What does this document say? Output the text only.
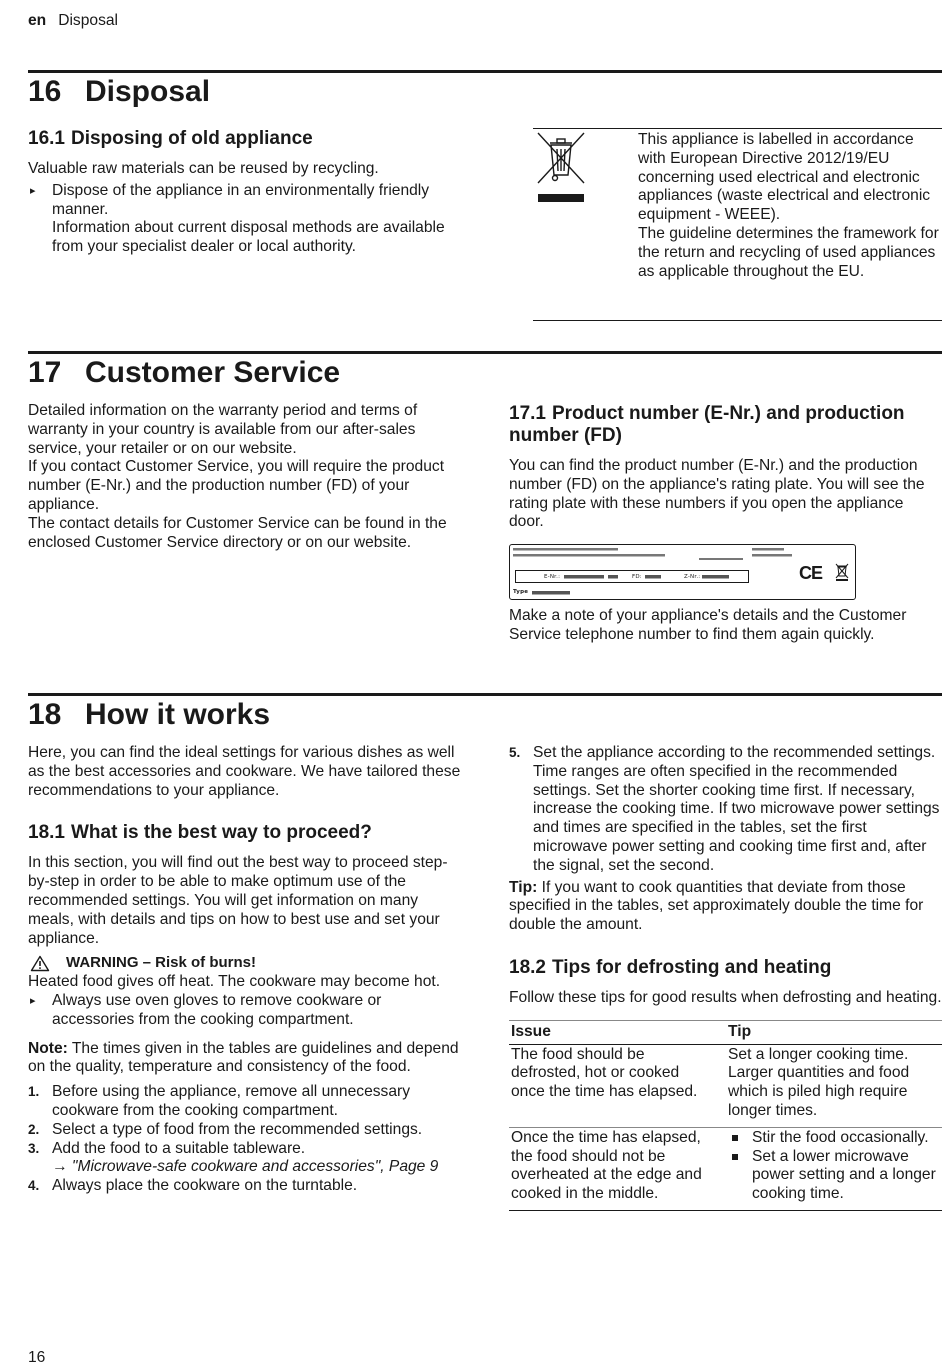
en Disposal
16 Disposal
16.1 Disposing of old appliance

Valuable raw materials can be reused by recycling.

▸ Dispose of the appliance in an environmentally friendly manner.

Information about current disposal methods are available from your specialist dealer or local authority.

This appliance is labelled in accordance with European Directive 2012/19/EU concerning used electrical and electronic appliances (waste electrical and electronic equipment - WEEE).

The guideline determines the framework for the return and recycling of used appliances as applicable throughout the EU.

17 Customer Service

Detailed information on the warranty period and terms of warranty in your country is available from our after-sales service, your retailer or on our website.

If you contact Customer Service, you will require the product number (E-Nr.) and the production number (FD) of your appliance.

The contact details for Customer Service can be found in the enclosed Customer Service directory or on our website.

17.1 Product number (E-Nr.) and production number (FD)

You can find the product number (E-Nr.) and the production number (FD) on the appliance's rating plate. You will see the rating plate with these numbers if you open the appliance door.

E-Nr.:	FD:	Z-Nr.:
Type
CE

Make a note of your appliance's details and the Customer Service telephone number to find them again quickly.

18 How it works

Here, you can find the ideal settings for various dishes as well as the best accessories and cookware. We have tailored these recommendations to your appliance.

18.1 What is the best way to proceed?

In this section, you will find out the best way to proceed step-by-step in order to be able to make optimum use of the recommended settings. You will get information on many meals, with details and tips on how to best use and set your appliance.

WARNING – Risk of burns!

Heated food gives off heat. The cookware may become hot.

▸ Always use oven gloves to remove cookware or accessories from the cooking compartment.

Note: The times given in the tables are guidelines and depend on the quality, temperature and consistency of the food.

1. Before using the appliance, remove all unnecessary cookware from the cooking compartment.
2. Select a type of food from the recommended settings.
3. Add the food to a suitable tableware.
→ "Microwave-safe cookware and accessories", Page 9
4. Always place the cookware on the turntable.
5. Set the appliance according to the recommended settings.
Time ranges are often specified in the recommended settings. Set the shorter cooking time first. If necessary, increase the cooking time. If two microwave power settings and times are specified in the tables, set the first microwave power setting and cooking time first and, after the signal, set the second.

Tip: If you want to cook quantities that deviate from those specified in the tables, set approximately double the time for double the amount.

18.2 Tips for defrosting and heating

Follow these tips for good results when defrosting and heating.

Issue	Tip
The food should be defrosted, hot or cooked once the time has elapsed.	Set a longer cooking time. Larger quantities and food which is piled high require longer times.
Once the time has elapsed, the food should not be overheated at the edge and cooked in the middle.	Stir the food occasionally.
Set a lower microwave power setting and a longer cooking time.
16
